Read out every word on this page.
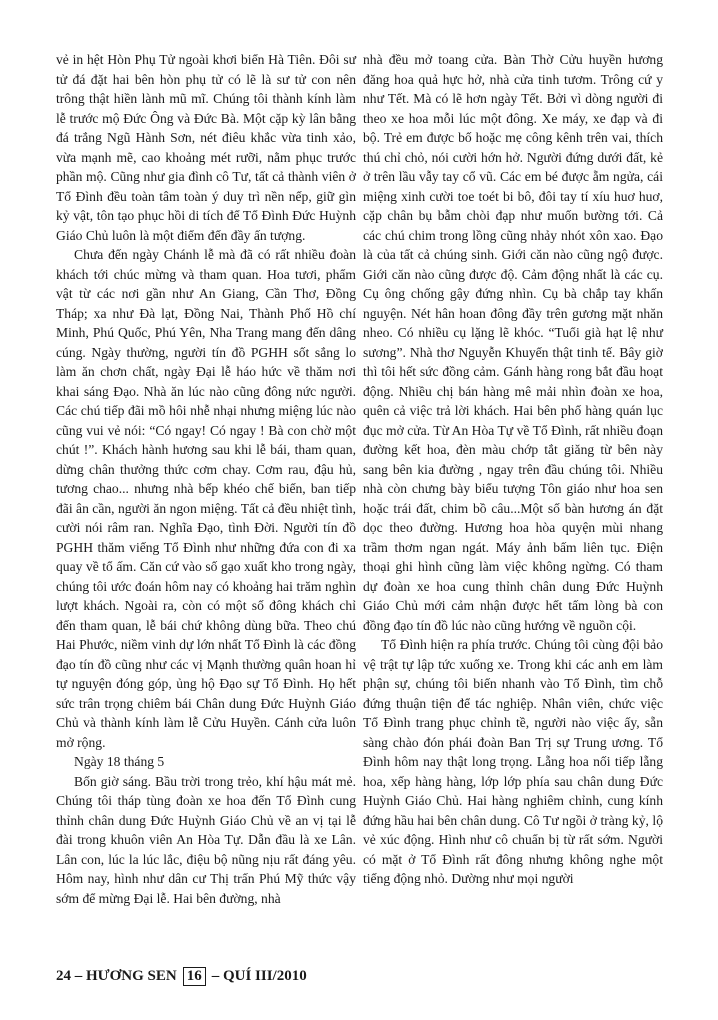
vẻ in hệt Hòn Phụ Tử ngoài khơi biển Hà Tiên. Đôi sư tử đá đặt hai bên hòn phụ tử có lẽ là sư tử con nên trông thật hiền lành mũ mĩ. Chúng tôi thành kính làm lễ trước mộ Đức Ông và Đức Bà. Một cặp kỳ lân bằng đá trắng Ngũ Hành Sơn, nét điêu khắc vừa tinh xảo, vừa mạnh mẽ, cao khoảng mét rưỡi, nằm phục trước phần mộ. Cũng như gia đình cô Tư, tất cả thành viên ở Tổ Đình đều toàn tâm toàn ý duy trì nền nếp, giữ gìn kỷ vật, tôn tạo phục hồi di tích để Tổ Đình Đức Huỳnh Giáo Chủ luôn là một điểm đến đầy ấn tượng.

Chưa đến ngày Chánh lễ mà đã có rất nhiều đoàn khách tới chúc mừng và tham quan. Hoa tươi, phẩm vật từ các nơi gần như An Giang, Cần Thơ, Đồng Tháp; xa như Đà lạt, Đồng Nai, Thành Phố Hồ chí Minh, Phú Quốc, Phú Yên, Nha Trang mang đến dâng cúng. Ngày thường, người tín đồ PGHH sốt sắng lo làm ăn chơn chất, ngày Đại lễ háo hức về thăm nơi khai sáng Đạo. Nhà ăn lúc nào cũng đông nức người. Các chú tiếp đãi mồ hôi nhễ nhại nhưng miệng lúc nào cũng vui vẻ nói: “Có ngay! Có ngay ! Bà con chờ một chút !”. Khách hành hương sau khi lễ bái, tham quan, dừng chân thưởng thức cơm chay. Cơm rau, đậu hủ, tương chao... nhưng nhà bếp khéo chế biến, ban tiếp đãi ân cần, người ăn ngon miệng. Tất cả đều nhiệt tình, cười nói râm ran. Nghĩa Đạo, tình Đời. Người tín đồ PGHH thăm viếng Tổ Đình như những đứa con đi xa quay về tổ ấm. Căn cứ vào số gạo xuất kho trong ngày, chúng tôi ước đoán hôm nay có khoảng hai trăm nghìn lượt khách. Ngoài ra, còn có một số đông khách chỉ đến tham quan, lễ bái chứ không dùng bữa. Theo chú Hai Phước, niềm vinh dự lớn nhất Tổ Đình là các đồng đạo tín đồ cũng như các vị Mạnh thường quân hoan hỉ tự nguyện đóng góp, ủng hộ Đạo sự Tổ Đình. Họ hết sức trân trọng chiêm bái Chân dung Đức Huỳnh Giáo Chủ và thành kính làm lễ Cửu Huyền. Cánh cửa luôn mở rộng.

Ngày 18 tháng 5

Bốn giờ sáng. Bầu trời trong trẻo, khí hậu mát mẻ. Chúng tôi tháp tùng đoàn xe hoa đến Tổ Đình cung thỉnh chân dung Đức Huỳnh Giáo Chủ về an vị tại lễ đài trong khuôn viên An Hòa Tự. Dẫn đầu là xe Lân. Lân con, lúc la lúc lắc, điệu bộ nũng nịu rất đáng yêu. Hôm nay, hình như dân cư Thị trấn Phú Mỹ thức vậy sớm để mừng Đại lễ. Hai bên đường, nhà

nhà đều mở toang cửa. Bàn Thờ Cửu huyền hương đăng hoa quả hực hở, nhà cửa tinh tươm. Trông cứ y như Tết. Mà có lẽ hơn ngày Tết. Bởi vì dòng người đi theo xe hoa mỗi lúc một đông. Xe máy, xe đạp và đi bộ. Trẻ em được bố hoặc mẹ công kênh trên vai, thích thú chỉ chỏ, nói cười hớn hở. Người đứng dưới đất, kẻ ở trên lầu vẫy tay cổ vũ. Các em bé được ẵm ngửa, cái miệng xinh cười toe toét bi bô, đôi tay tí xíu huơ huơ, cặp chân bụ bẫm chòi đạp như muốn bường tới. Cả các chú chim trong lồng cũng nhảy nhót xôn xao. Đạo là của tất cả chúng sinh. Giới căn nào cũng ngộ được. Giới căn nào cũng được độ. Cảm động nhất là các cụ. Cụ ông chống gậy đứng nhìn. Cụ bà chắp tay khấn nguyện. Nét hân hoan đông đầy trên gương mặt nhăn nheo. Có nhiều cụ lặng lẽ khóc. “Tuổi già hạt lệ như sương”. Nhà thơ Nguyễn Khuyến thật tinh tế. Bây giờ thì tôi hết sức đồng cảm. Gánh hàng rong bắt đầu hoạt động. Nhiều chị bán hàng mê mải nhìn đoàn xe hoa, quên cả việc trả lời khách. Hai bên phố hàng quán lục đục mở cửa. Từ An Hòa Tự về Tổ Đình, rất nhiều đoạn đường kết hoa, đèn màu chớp tắt giăng từ bên này sang bên kia đường , ngay trên đầu chúng tôi. Nhiều nhà còn chưng bày biểu tượng Tôn giáo như hoa sen hoặc trái đất, chim bồ câu...Một số bàn hương án đặt dọc theo đường. Hương hoa hòa quyện mùi nhang trầm thơm ngan ngát. Máy ảnh bấm liên tục. Điện thoại ghi hình cũng làm việc không ngừng. Có tham dự đoàn xe hoa cung thỉnh chân dung Đức Huỳnh Giáo Chủ mới cảm nhận được hết tấm lòng bà con đồng đạo tín đồ lúc nào cũng hướng về nguồn cội.

Tổ Đình hiện ra phía trước. Chúng tôi cùng đội bảo vệ trật tự lập tức xuống xe. Trong khi các anh em làm phận sự, chúng tôi biến nhanh vào Tổ Đình, tìm chỗ đứng thuận tiện để tác nghiệp. Nhân viên, chức việc Tổ Đình trang phục chỉnh tề, người nào việc ấy, sẵn sàng chào đón phái đoàn Ban Trị sự Trung ương. Tổ Đình hôm nay thật long trọng. Lẵng hoa nối tiếp lẵng hoa, xếp hàng hàng, lớp lớp phía sau chân dung Đức Huỳnh Giáo Chủ. Hai hàng nghiêm chỉnh, cung kính đứng hầu hai bên chân dung. Cô Tư ngồi ở tràng kỷ, lộ vẻ xúc động. Hình như cô chuẩn bị từ rất sớm. Người có mặt ở Tổ Đình rất đông nhưng không nghe một tiếng động nhỏ. Dường như mọi người

24 – HƯƠNG SEN 16 – QUÍ III/2010
